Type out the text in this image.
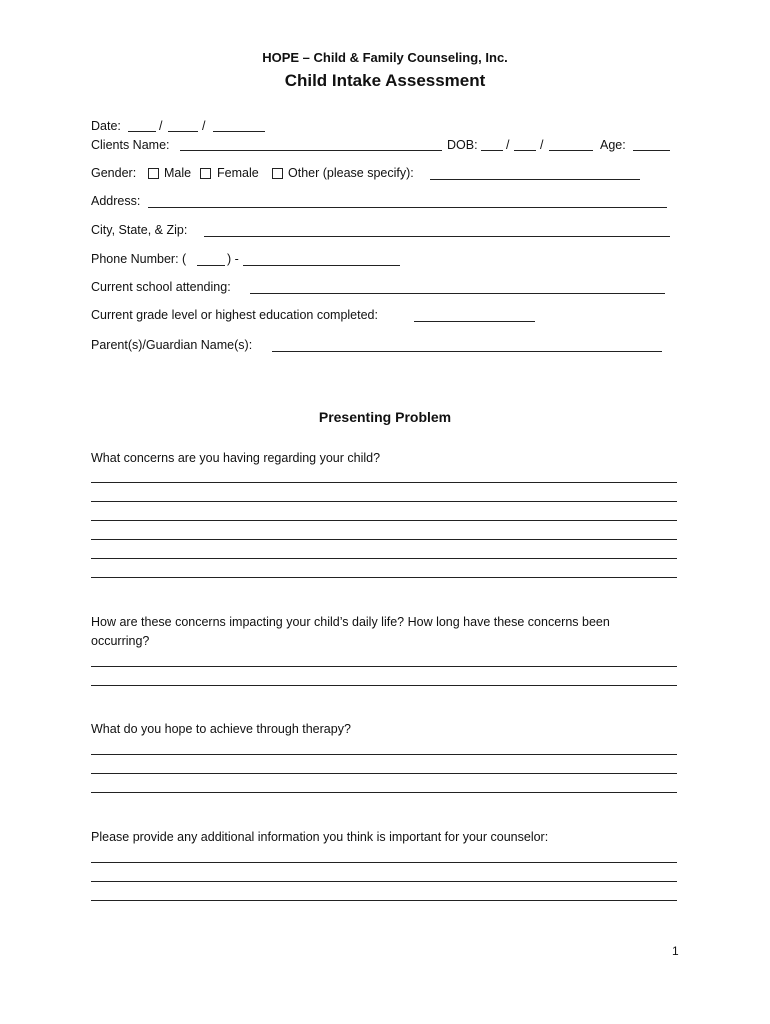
HOPE – Child & Family Counseling, Inc.
Child Intake Assessment
Date:	/	/
Clients Name:	DOB: / /	Age:
Gender: Male Female Other (please specify):
Address:
City, State, & Zip:
Phone Number: (	) -
Current school attending:
Current grade level or highest education completed:
Parent(s)/Guardian Name(s):
Presenting Problem
What concerns are you having regarding your child?
How are these concerns impacting your child’s daily life? How long have these concerns been
occurring?
What do you hope to achieve through therapy?
Please provide any additional information you think is important for your counselor:
1
